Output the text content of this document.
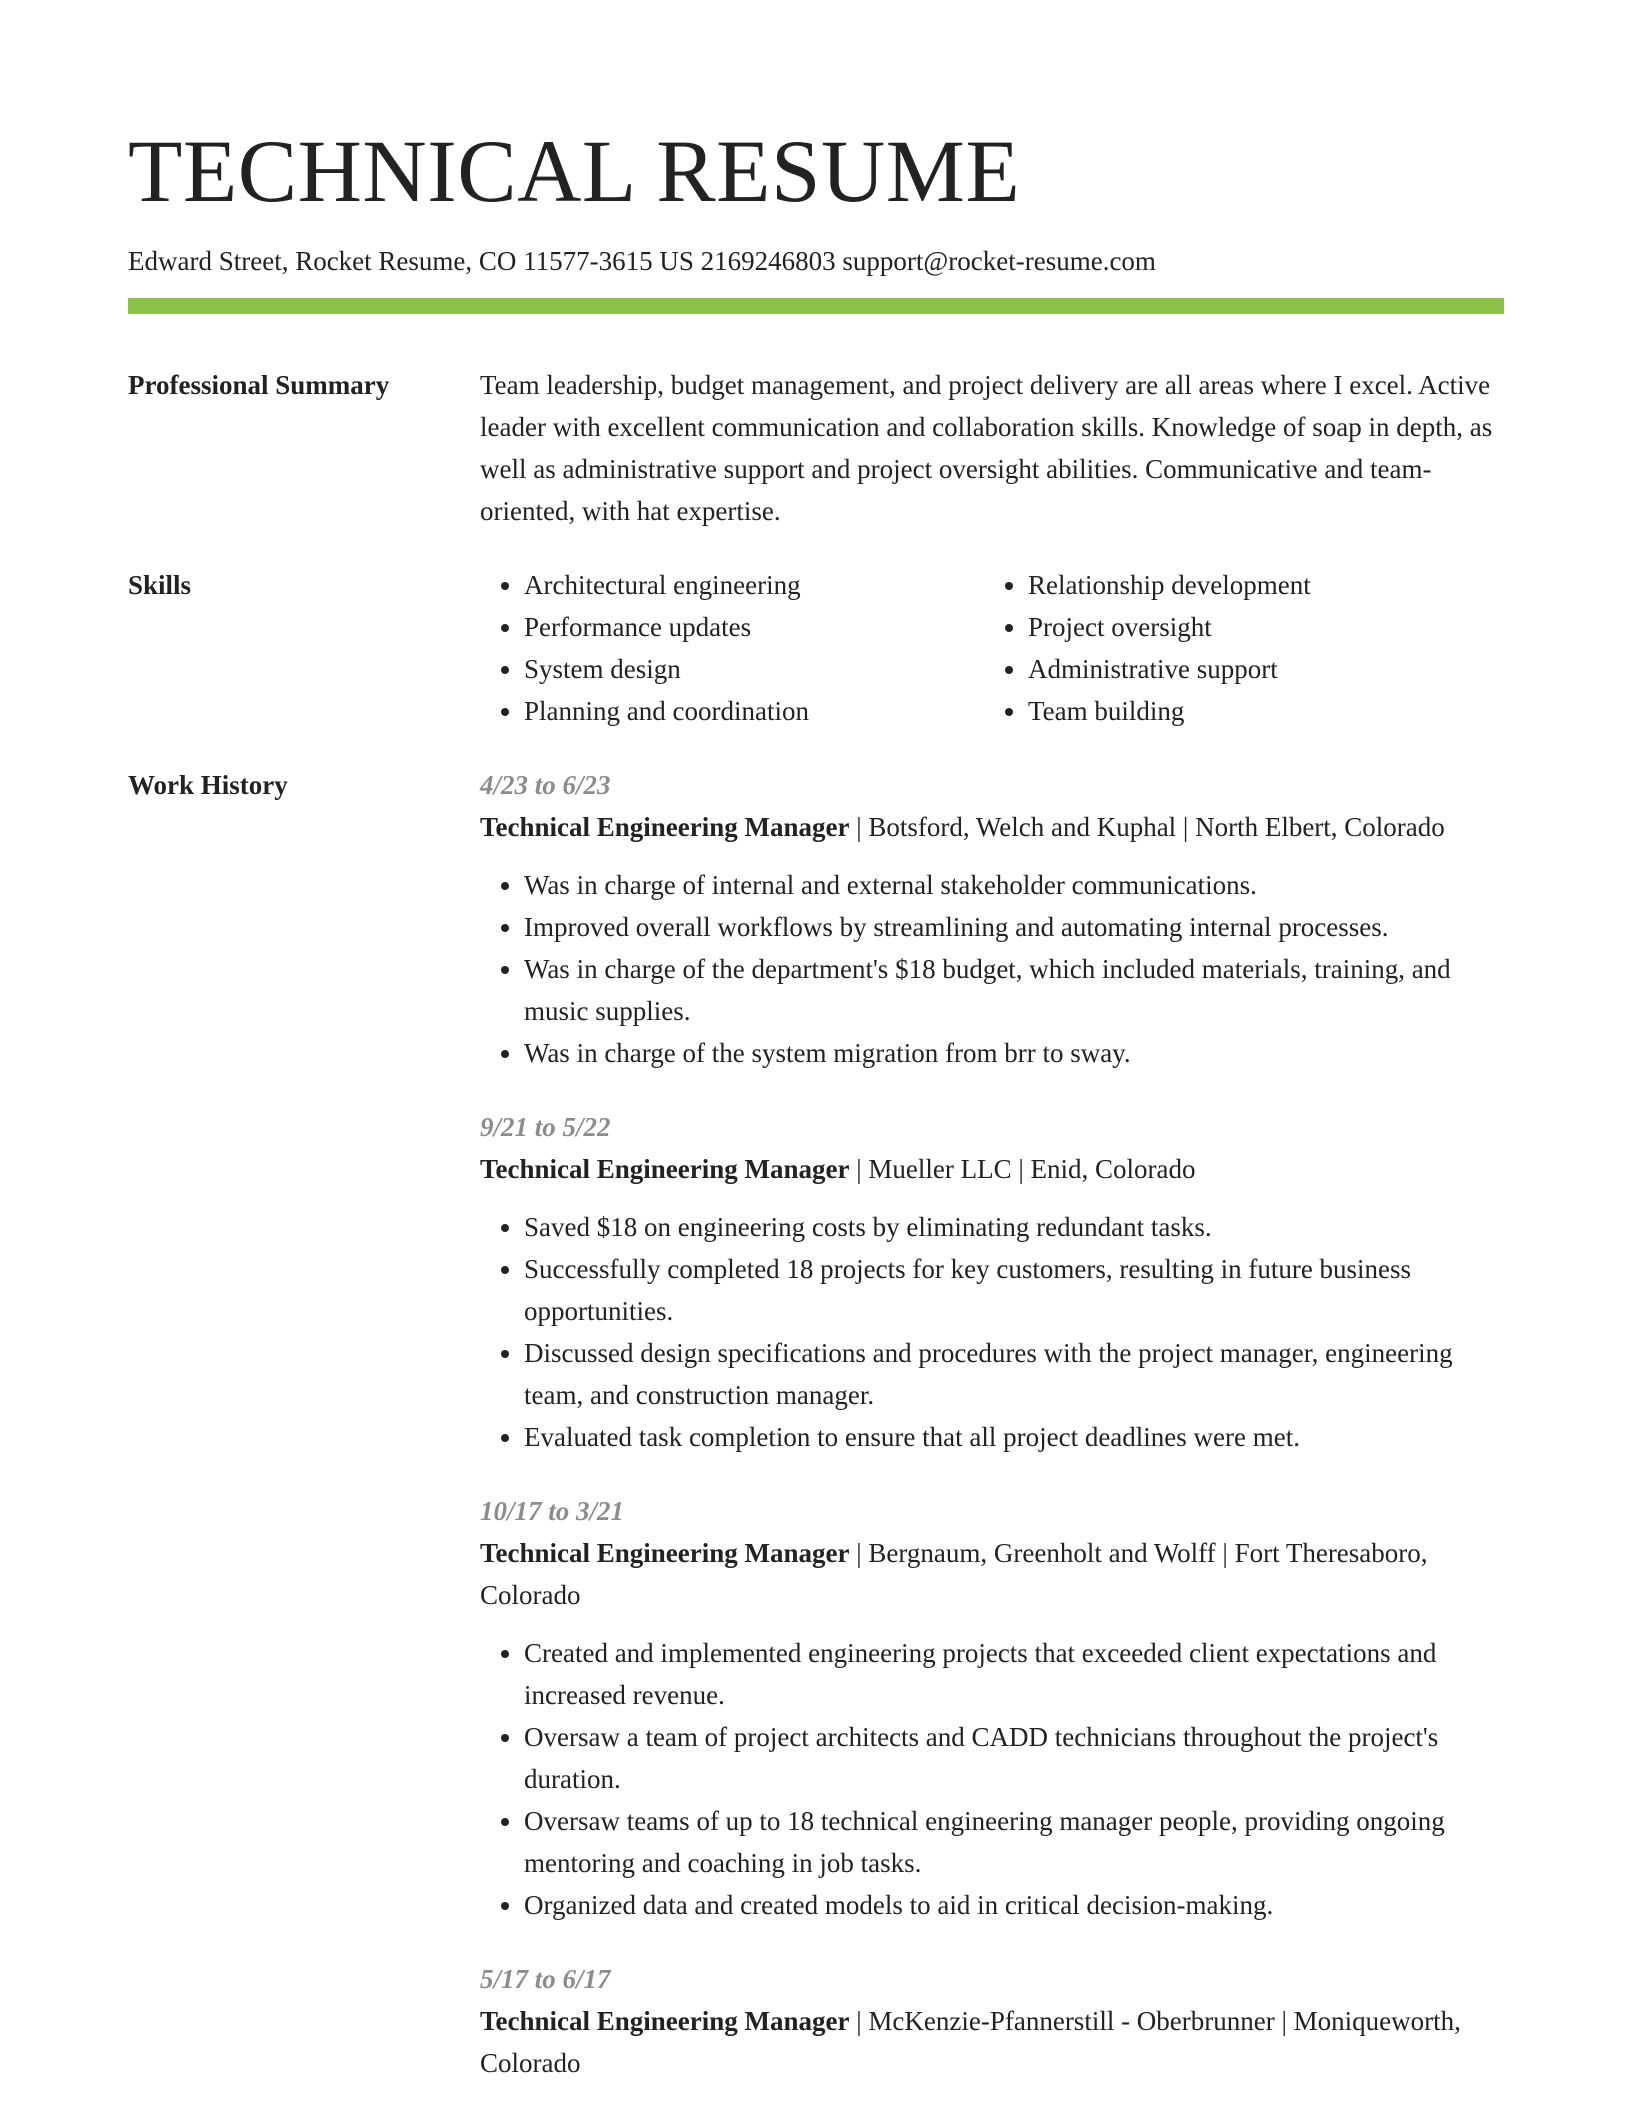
TECHNICAL RESUME
Edward Street, Rocket Resume, CO 11577-3615 US 2169246803 support@rocket-resume.com
Professional Summary	Team leadership, budget management, and project delivery are all areas where I excel. Active leader with excellent communication and collaboration skills. Knowledge of soap in depth, as well as administrative support and project oversight abilities. Communicative and team-oriented, with hat expertise.
Skills
•	Architectural engineering
• Performance updates
• System design
• Planning and coordination
• Relationship development
• Project oversight
• Administrative support
• Team building
Work History	4/23 to 6/23
Technical Engineering Manager | Botsford, Welch and Kuphal | North Elbert, Colorado
• Was in charge of internal and external stakeholder communications.
• Improved overall workflows by streamlining and automating internal processes.
• Was in charge of the department's $18 budget, which included materials, training, and music supplies.
• Was in charge of the system migration from brr to sway.
9/21 to 5/22
Technical Engineering Manager | Mueller LLC | Enid, Colorado
• Saved $18 on engineering costs by eliminating redundant tasks.
• Successfully completed 18 projects for key customers, resulting in future business opportunities.
• Discussed design specifications and procedures with the project manager, engineering team, and construction manager.
• Evaluated task completion to ensure that all project deadlines were met.
10/17 to 3/21
Technical Engineering Manager | Bergnaum, Greenholt and Wolff | Fort Theresaboro, Colorado
• Created and implemented engineering projects that exceeded client expectations and increased revenue.
• Oversaw a team of project architects and CADD technicians throughout the project's duration.
• Oversaw teams of up to 18 technical engineering manager people, providing ongoing mentoring and coaching in job tasks.
• Organized data and created models to aid in critical decision-making.
5/17 to 6/17
Technical Engineering Manager | McKenzie-Pfannerstill - Oberbrunner | Moniqueworth, Colorado
